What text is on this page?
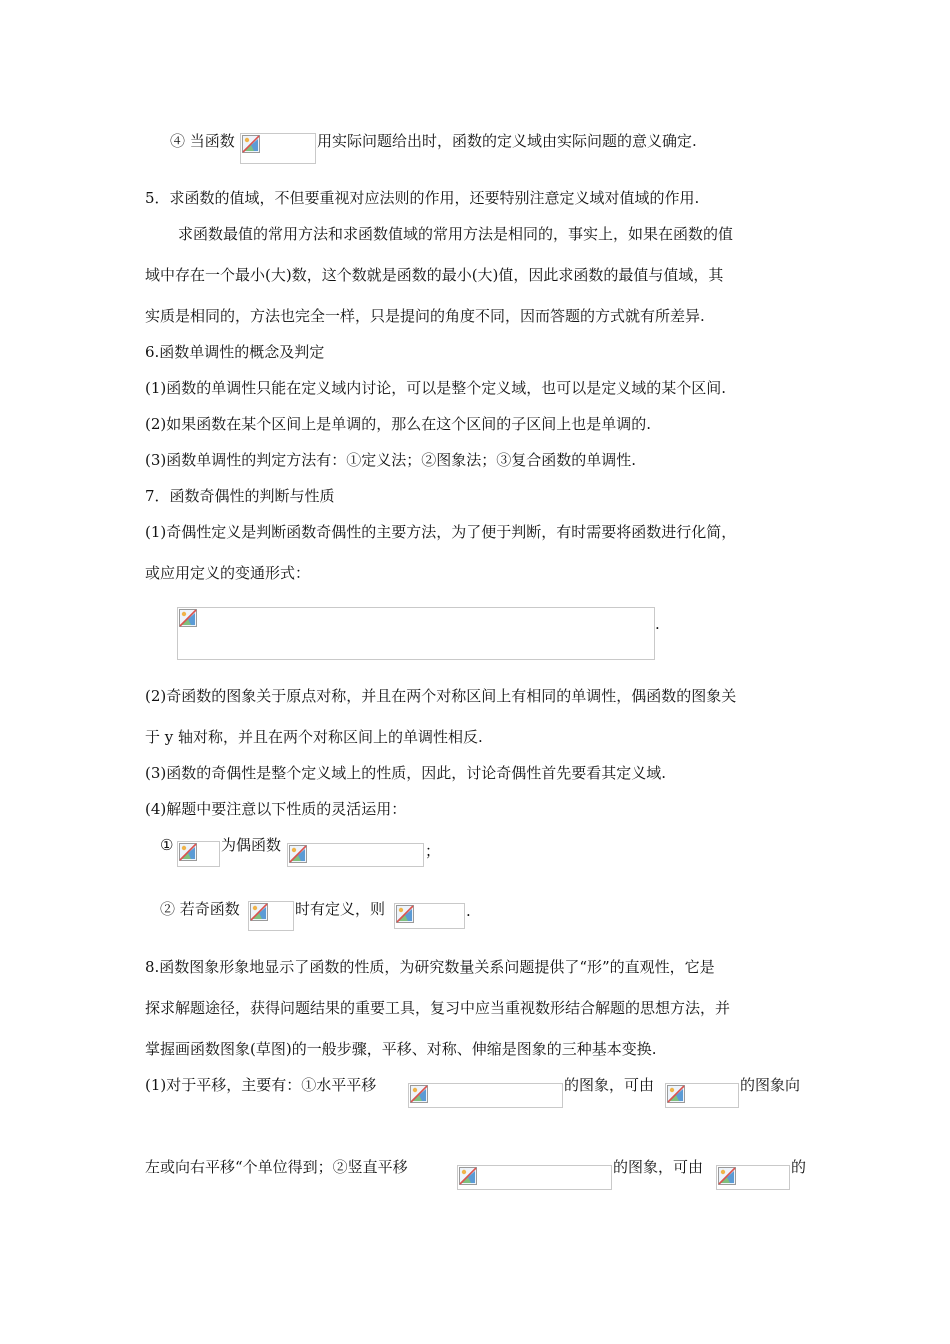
④ 当函数	用实际问题给出时，函数的定义域由实际问题的意义确定.
5．求函数的值域，不但要重视对应法则的作用，还要特别注意定义域对值域的作用.
求函数最值的常用方法和求函数值域的常用方法是相同的，事实上，如果在函数的值
域中存在一个最小(大)数，这个数就是函数的最小(大)值，因此求函数的最值与值域，其
实质是相同的，方法也完全一样，只是提问的角度不同，因而答题的方式就有所差异.
6.函数单调性的概念及判定
(1)函数的单调性只能在定义域内讨论，可以是整个定义域，也可以是定义域的某个区间.
(2)如果函数在某个区间上是单调的，那么在这个区间的子区间上也是单调的.
(3)函数单调性的判定方法有：①定义法；②图象法；③复合函数的单调性.
7．函数奇偶性的判断与性质
(1)奇偶性定义是判断函数奇偶性的主要方法，为了便于判断，有时需要将函数进行化简，
或应用定义的变通形式：
.
(2)奇函数的图象关于原点对称，并且在两个对称区间上有相同的单调性，偶函数的图象关
于 y 轴对称，并且在两个对称区间上的单调性相反.
(3)函数的奇偶性是整个定义域上的性质，因此，讨论奇偶性首先要看其定义域.
(4)解题中要注意以下性质的灵活运用：
①	为偶函数	；
② 若奇函数	时有定义，则	.
8.函数图象形象地显示了函数的性质，为研究数量关系问题提供了“形”的直观性，它是
探求解题途径，获得问题结果的重要工具，复习中应当重视数形结合解题的思想方法，并
掌握画函数图象(草图)的一般步骤，平移、对称、伸缩是图象的三种基本变换.
(1)对于平移，主要有：①水平平移	的图象，可由	的图象向
左或向右平移“个单位得到；②竖直平移	的图象，可由	的
